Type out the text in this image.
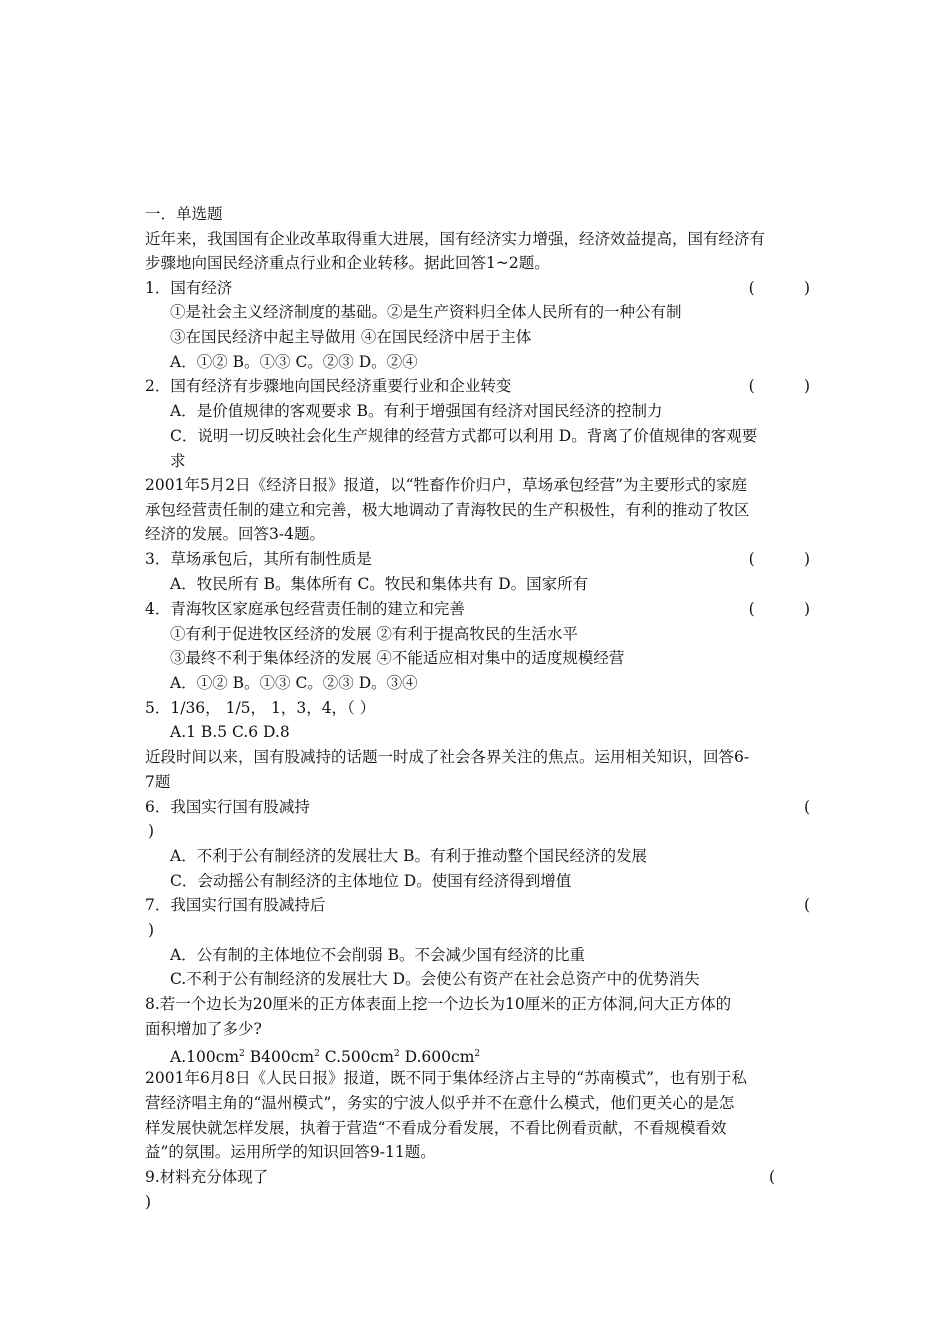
一．单选题
近年来，我国国有企业改革取得重大进展，国有经济实力增强，经济效益提高，国有经济有
步骤地向国民经济重点行业和企业转移。据此回答1~2题。
1．国有经济	(          )
①是社会主义经济制度的基础。②是生产资料归全体人民所有的一种公有制
③在国民经济中起主导做用 ④在国民经济中居于主体
A．①② B。①③ C。②③ D。②④
2．国有经济有步骤地向国民经济重要行业和企业转变	(          )
A．是价值规律的客观要求 B。有利于增强国有经济对国民经济的控制力
C．说明一切反映社会化生产规律的经营方式都可以利用 D。背离了价值规律的客观要
求
2001年5月2日《经济日报》报道，以“牲畜作价归户，草场承包经营”为主要形式的家庭
承包经营责任制的建立和完善，极大地调动了青海牧民的生产积极性，有利的推动了牧区
经济的发展。回答3-4题。
3．草场承包后，其所有制性质是	(          )
A．牧民所有 B。集体所有 C。牧民和集体共有 D。国家所有
4．青海牧区家庭承包经营责任制的建立和完善	(          )
①有利于促进牧区经济的发展 ②有利于提高牧民的生活水平
③最终不利于集体经济的发展 ④不能适应相对集中的适度规模经营
A．①② B。①③ C。②③ D。③④
5．1/36， 1/5， 1，3，4，（ ）
A.1 B.5 C.6 D.8
近段时间以来，国有股减持的话题一时成了社会各界关注的焦点。运用相关知识，回答6-
7题
6．我国实行国有股减持	(
)
A．不利于公有制经济的发展壮大 B。有利于推动整个国民经济的发展
C．会动摇公有制经济的主体地位 D。使国有经济得到增值
7．我国实行国有股减持后	(
)
A．公有制的主体地位不会削弱 B。不会减少国有经济的比重
C.不利于公有制经济的发展壮大 D。会使公有资产在社会总资产中的优势消失
8.若一个边长为20厘米的正方体表面上挖一个边长为10厘米的正方体洞,问大正方体的
面积增加了多少?
$A.100cm^2$ $B400cm^2$ $C.500cm^2$ $D.600cm^2$
2001年6月8日《人民日报》报道，既不同于集体经济占主导的“苏南模式”，也有别于私
营经济唱主角的“温州模式”，务实的宁波人似乎并不在意什么模式，他们更关心的是怎
样发展快就怎样发展，执着于营造“不看成分看发展，不看比例看贡献，不看规模看效
益”的氛围。运用所学的知识回答9-11题。
9.材料充分体现了	(
)
